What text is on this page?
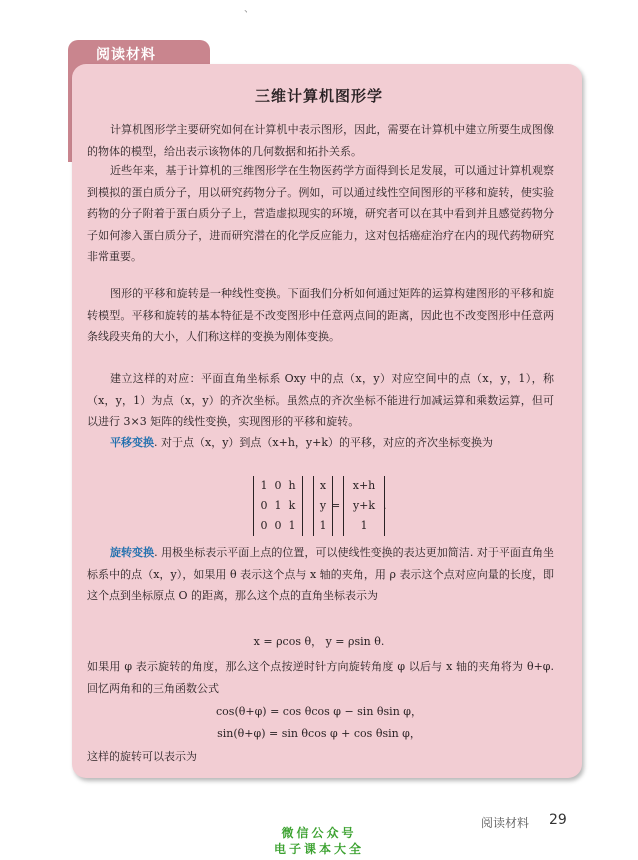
、
阅读材料
三维计算机图形学

计算机图形学主要研究如何在计算机中表示图形，因此，需要在计算机中建立所要生成图像的物体的模型，给出表示该物体的几何数据和拓扑关系。

近些年来，基于计算机的三维图形学在生物医药学方面得到长足发展，可以通过计算机观察到模拟的蛋白质分子，用以研究药物分子。例如，可以通过线性空间图形的平移和旋转，使实验药物的分子附着于蛋白质分子上，营造虚拟现实的环境，研究者可以在其中看到并且感觉药物分子如何渗入蛋白质分子，进而研究潜在的化学反应能力，这对包括癌症治疗在内的现代药物研究非常重要。

图形的平移和旋转是一种线性变换。下面我们分析如何通过矩阵的运算构建图形的平移和旋转模型。平移和旋转的基本特征是不改变图形中任意两点间的距离，因此也不改变图形中任意两条线段夹角的大小，人们称这样的变换为刚体变换。

建立这样的对应：平面直角坐标系 Oxy 中的点（x，y）对应空间中的点（x，y，1），称（x，y，1）为点（x，y）的齐次坐标。虽然点的齐次坐标不能进行加减运算和乘数运算，但可以进行 3×3 矩阵的线性变换，实现图形的平移和旋转。

平移变换. 对于点（x，y）到点（x+h，y+k）的平移，对应的齐次坐标变换为

1 0 h
0 1 k
0 0 1
x
y
1
=
x+h
y+k
1
.

旋转变换. 用极坐标表示平面上点的位置，可以使线性变换的表达更加简洁. 对于平面直角坐标系中的点（x，y），如果用 θ 表示这个点与 x 轴的夹角，用 ρ 表示这个点对应向量的长度，即这个点到坐标原点 O 的距离，那么这个点的直角坐标表示为

x = ρcos θ， y = ρsin θ.

如果用 φ 表示旋转的角度，那么这个点按逆时针方向旋转角度 φ 以后与 x 轴的夹角将为 θ+φ. 回忆两角和的三角函数公式

cos(θ+φ) = cos θcos φ − sin θsin φ，
sin(θ+φ) = sin θcos φ + cos θsin φ，

这样的旋转可以表示为

阅读材料 29
微信公众号
电子课本大全
